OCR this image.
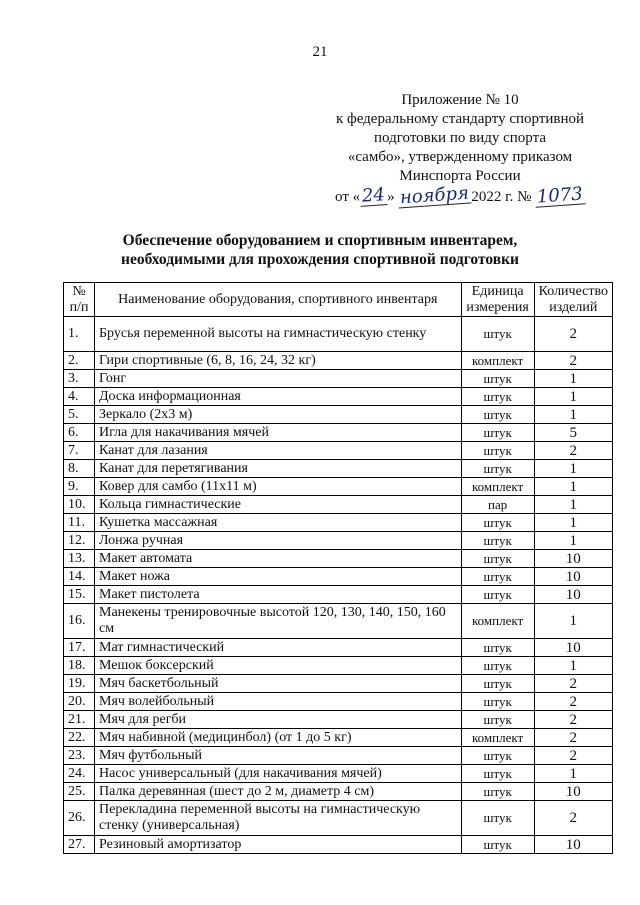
21
Приложение № 10
к федеральному стандарту спортивной
подготовки по виду спорта
«самбо», утвержденному приказом
Минспорта России
от «24» ноября2022 г. № 1073
Обеспечение оборудованием и спортивным инвентарем,
необходимыми для прохождения спортивной подготовки
№ п/п	Наименование оборудования, спортивного инвентаря	Единица измерения	Количество изделий
1.	Брусья переменной высоты на гимнастическую стенку	штук	2
2.	Гири спортивные (6, 8, 16, 24, 32 кг)	комплект	2
3.	Гонг	штук	1
4.	Доска информационная	штук	1
5.	Зеркало (2х3 м)	штук	1
6.	Игла для накачивания мячей	штук	5
7.	Канат для лазания	штук	2
8.	Канат для перетягивания	штук	1
9.	Ковер для самбо (11х11 м)	комплект	1
10.	Кольца гимнастические	пар	1
11.	Кушетка массажная	штук	1
12.	Лонжа ручная	штук	1
13.	Макет автомата	штук	10
14.	Макет ножа	штук	10
15.	Макет пистолета	штук	10
16.	Манекены тренировочные высотой 120, 130, 140, 150, 160 см	комплект	1
17.	Мат гимнастический	штук	10
18.	Мешок боксерский	штук	1
19.	Мяч баскетбольный	штук	2
20.	Мяч волейбольный	штук	2
21.	Мяч для регби	штук	2
22.	Мяч набивной (медицинбол) (от 1 до 5 кг)	комплект	2
23.	Мяч футбольный	штук	2
24.	Насос универсальный (для накачивания мячей)	штук	1
25.	Палка деревянная (шест до 2 м, диаметр 4 см)	штук	10
26.	Перекладина переменной высоты на гимнастическую стенку (универсальная)	штук	2
27.	Резиновый амортизатор	штук	10
